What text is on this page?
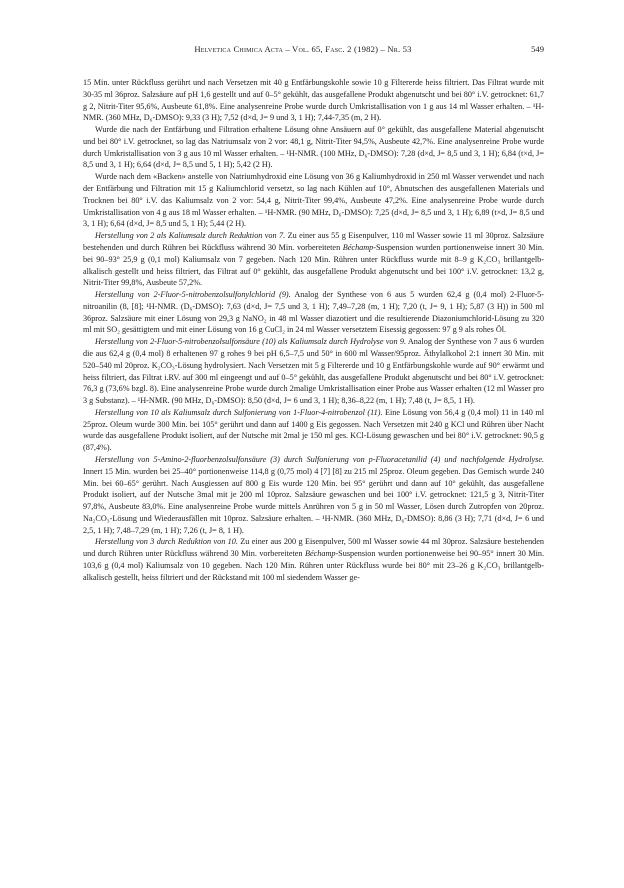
Helvetica Chimica Acta – Vol. 65, Fasc. 2 (1982) – Nr. 53	549

15 Min. unter Rückfluss gerührt und nach Versetzen mit 40 g Entfärbungskohle sowie 10 g Filtererde heiss filtriert. Das Filtrat wurde mit 30-35 ml 36proz. Salzsäure auf pH 1,6 gestellt und auf 0–5° gekühlt, das ausgefallene Produkt abgenutscht und bei 80° i.V. getrocknet: 61,7 g 2, Nitrit-Titer 95,6%, Ausbeute 61,8%. Eine analysenreine Probe wurde durch Umkristallisation von 1 g aus 14 ml Wasser erhalten. – ¹H-NMR. (360 MHz, D₆-DMSO): 9,33 (3 H); 7,52 (d×d, J= 9 und 3, 1 H); 7,44-7,35 (m, 2 H).

Wurde die nach der Entfärbung und Filtration erhaltene Lösung ohne Ansäuern auf 0° gekühlt, das ausgefallene Material abgenutscht und bei 80° i.V. getrocknet, so lag das Natriumsalz von 2 vor: 48,1 g, Nitrit-Titer 94,5%, Ausbeute 42,7%. Eine analysenreine Probe wurde durch Umkristallisation von 3 g aus 10 ml Wasser erhalten. – ¹H-NMR. (100 MHz, D₆-DMSO): 7,28 (d×d, J= 8,5 und 3, 1 H); 6,84 (t×d, J= 8,5 und 3, 1 H); 6,64 (d×d, J= 8,5 und 5, 1 H); 5,42 (2 H).

Wurde nach dem «Backen» anstelle von Natriumhydroxid eine Lösung von 36 g Kaliumhydroxid in 250 ml Wasser verwendet und nach der Entfärbung und Filtration mit 15 g Kaliumchlorid versetzt, so lag nach Kühlen auf 10°, Abnutschen des ausgefallenen Materials und Trocknen bei 80° i.V. das Kaliumsalz von 2 vor: 54,4 g, Nitrit-Titer 99,4%, Ausbeute 47,2%. Eine analysenreine Probe wurde durch Umkristallisation von 4 g aus 18 ml Wasser erhalten. – ¹H-NMR. (90 MHz, D₆-DMSO): 7,25 (d×d, J= 8,5 und 3, 1 H); 6,89 (t×d, J= 8,5 und 3, 1 H); 6,64 (d×d, J= 8,5 und 5, 1 H); 5,44 (2 H).

Herstellung von 2 als Kaliumsalz durch Reduktion von 7. Zu einer aus 55 g Eisenpulver, 110 ml Wasser sowie 11 ml 30proz. Salzsäure bestehenden und durch Rühren bei Rückfluss während 30 Min. vorbereiteten Béchamp-Suspension wurden portionenweise innert 30 Min. bei 90–93° 25,9 g (0,1 mol) Kaliumsalz von 7 gegeben. Nach 120 Min. Rühren unter Rückfluss wurde mit 8–9 g K₂CO₃ brillantgelb-alkalisch gestellt und heiss filtriert, das Filtrat auf 0° gekühlt, das ausgefallene Produkt abgenutscht und bei 100° i.V. getrocknet: 13,2 g, Nitrit-Titer 99,8%, Ausbeute 57,2%.

Herstellung von 2-Fluor-5-nitrobenzolsulfonylchlorid (9). Analog der Synthese von 6 aus 5 wurden 62,4 g (0,4 mol) 2-Fluor-5-nitroanilin (8, [8]; ¹H-NMR. (D₆-DMSO): 7,63 (d×d, J= 7,5 und 3, 1 H); 7,49–7,28 (m, 1 H); 7,20 (t, J= 9, 1 H); 5,87 (3 H)) in 500 ml 36proz. Salzsäure mit einer Lösung von 29,3 g NaNO₂ in 48 ml Wasser diazotiert und die resultierende Diazoniumchlorid-Lösung zu 320 ml mit SO₂ gesättigtem und mit einer Lösung von 16 g CuCl₂ in 24 ml Wasser versetztem Eisessig gegossen: 97 g 9 als rohes Öl.

Herstellung von 2-Fluor-5-nitrobenzolsulfonsäure (10) als Kaliumsalz durch Hydrolyse von 9. Analog der Synthese von 7 aus 6 wurden die aus 62,4 g (0,4 mol) 8 erhaltenen 97 g rohes 9 bei pH 6,5–7,5 und 50° in 600 ml Wasser/95proz. Äthylalkohol 2:1 innert 30 Min. mit 520–540 ml 20proz. K₂CO₃-Lösung hydrolysiert. Nach Versetzen mit 5 g Filtererde und 10 g Entfärbungskohle wurde auf 90° erwärmt und heiss filtriert, das Filtrat i.RV. auf 300 ml eingeengt und auf 0–5° gekühlt, das ausgefallene Produkt abgenutscht und bei 80° i.V. getrocknet: 76,3 g (73,6% bzgl. 8). Eine analysenreine Probe wurde durch 2malige Umkristallisation einer Probe aus Wasser erhalten (12 ml Wasser pro 3 g Substanz). – ¹H-NMR. (90 MHz, D₆-DMSO): 8,50 (d×d, J= 6 und 3, 1 H); 8,36–8,22 (m, 1 H); 7,48 (t, J= 8,5, 1 H).

Herstellung von 10 als Kaliumsalz durch Sulfonierung von 1-Fluor-4-nitrobenzol (11). Eine Lösung von 56,4 g (0,4 mol) 11 in 140 ml 25proz. Oleum wurde 300 Min. bei 105° gerührt und dann auf 1400 g Eis gegossen. Nach Versetzen mit 240 g KCl und Rühren über Nacht wurde das ausgefallene Produkt isoliert, auf der Nutsche mit 2mal je 150 ml ges. KCl-Lösung gewaschen und bei 80° i.V. getrocknet: 90,5 g (87,4%).

Herstellung von 5-Amino-2-fluorbenzolsulfonsäure (3) durch Sulfonierung von p-Fluoracetanilid (4) und nachfolgende Hydrolyse. Innert 15 Min. wurden bei 25–40° portionenweise 114,8 g (0,75 mol) 4 [7] [8] zu 215 ml 25proz. Oleum gegeben. Das Gemisch wurde 240 Min. bei 60–65° gerührt. Nach Ausgiessen auf 800 g Eis wurde 120 Min. bei 95° gerührt und dann auf 10° gekühlt, das ausgefallene Produkt isoliert, auf der Nutsche 3mal mit je 200 ml 10proz. Salzsäure gewaschen und bei 100° i.V. getrocknet: 121,5 g 3, Nitrit-Titer 97,8%, Ausbeute 83,0%. Eine analysenreine Probe wurde mittels Anrühren von 5 g in 50 ml Wasser, Lösen durch Zutropfen von 20proz. Na₂CO₃-Lösung und Wiederausfällen mit 10proz. Salzsäure erhalten. – ¹H-NMR. (360 MHz, D₆-DMSO): 8,86 (3 H); 7,71 (d×d, J= 6 und 2,5, 1 H); 7,48–7,29 (m, 1 H); 7,26 (t, J= 8, 1 H).

Herstellung von 3 durch Reduktion von 10. Zu einer aus 200 g Eisenpulver, 500 ml Wasser sowie 44 ml 30proz. Salzsäure bestehenden und durch Rühren unter Rückfluss während 30 Min. vorbereiteten Béchamp-Suspension wurden portionenweise bei 90–95° innert 30 Min. 103,6 g (0,4 mol) Kaliumsalz von 10 gegeben. Nach 120 Min. Rühren unter Rückfluss wurde bei 80° mit 23–26 g K₂CO₃ brillantgelb-alkalisch gestellt, heiss filtriert und der Rückstand mit 100 ml siedendem Wasser ge-
